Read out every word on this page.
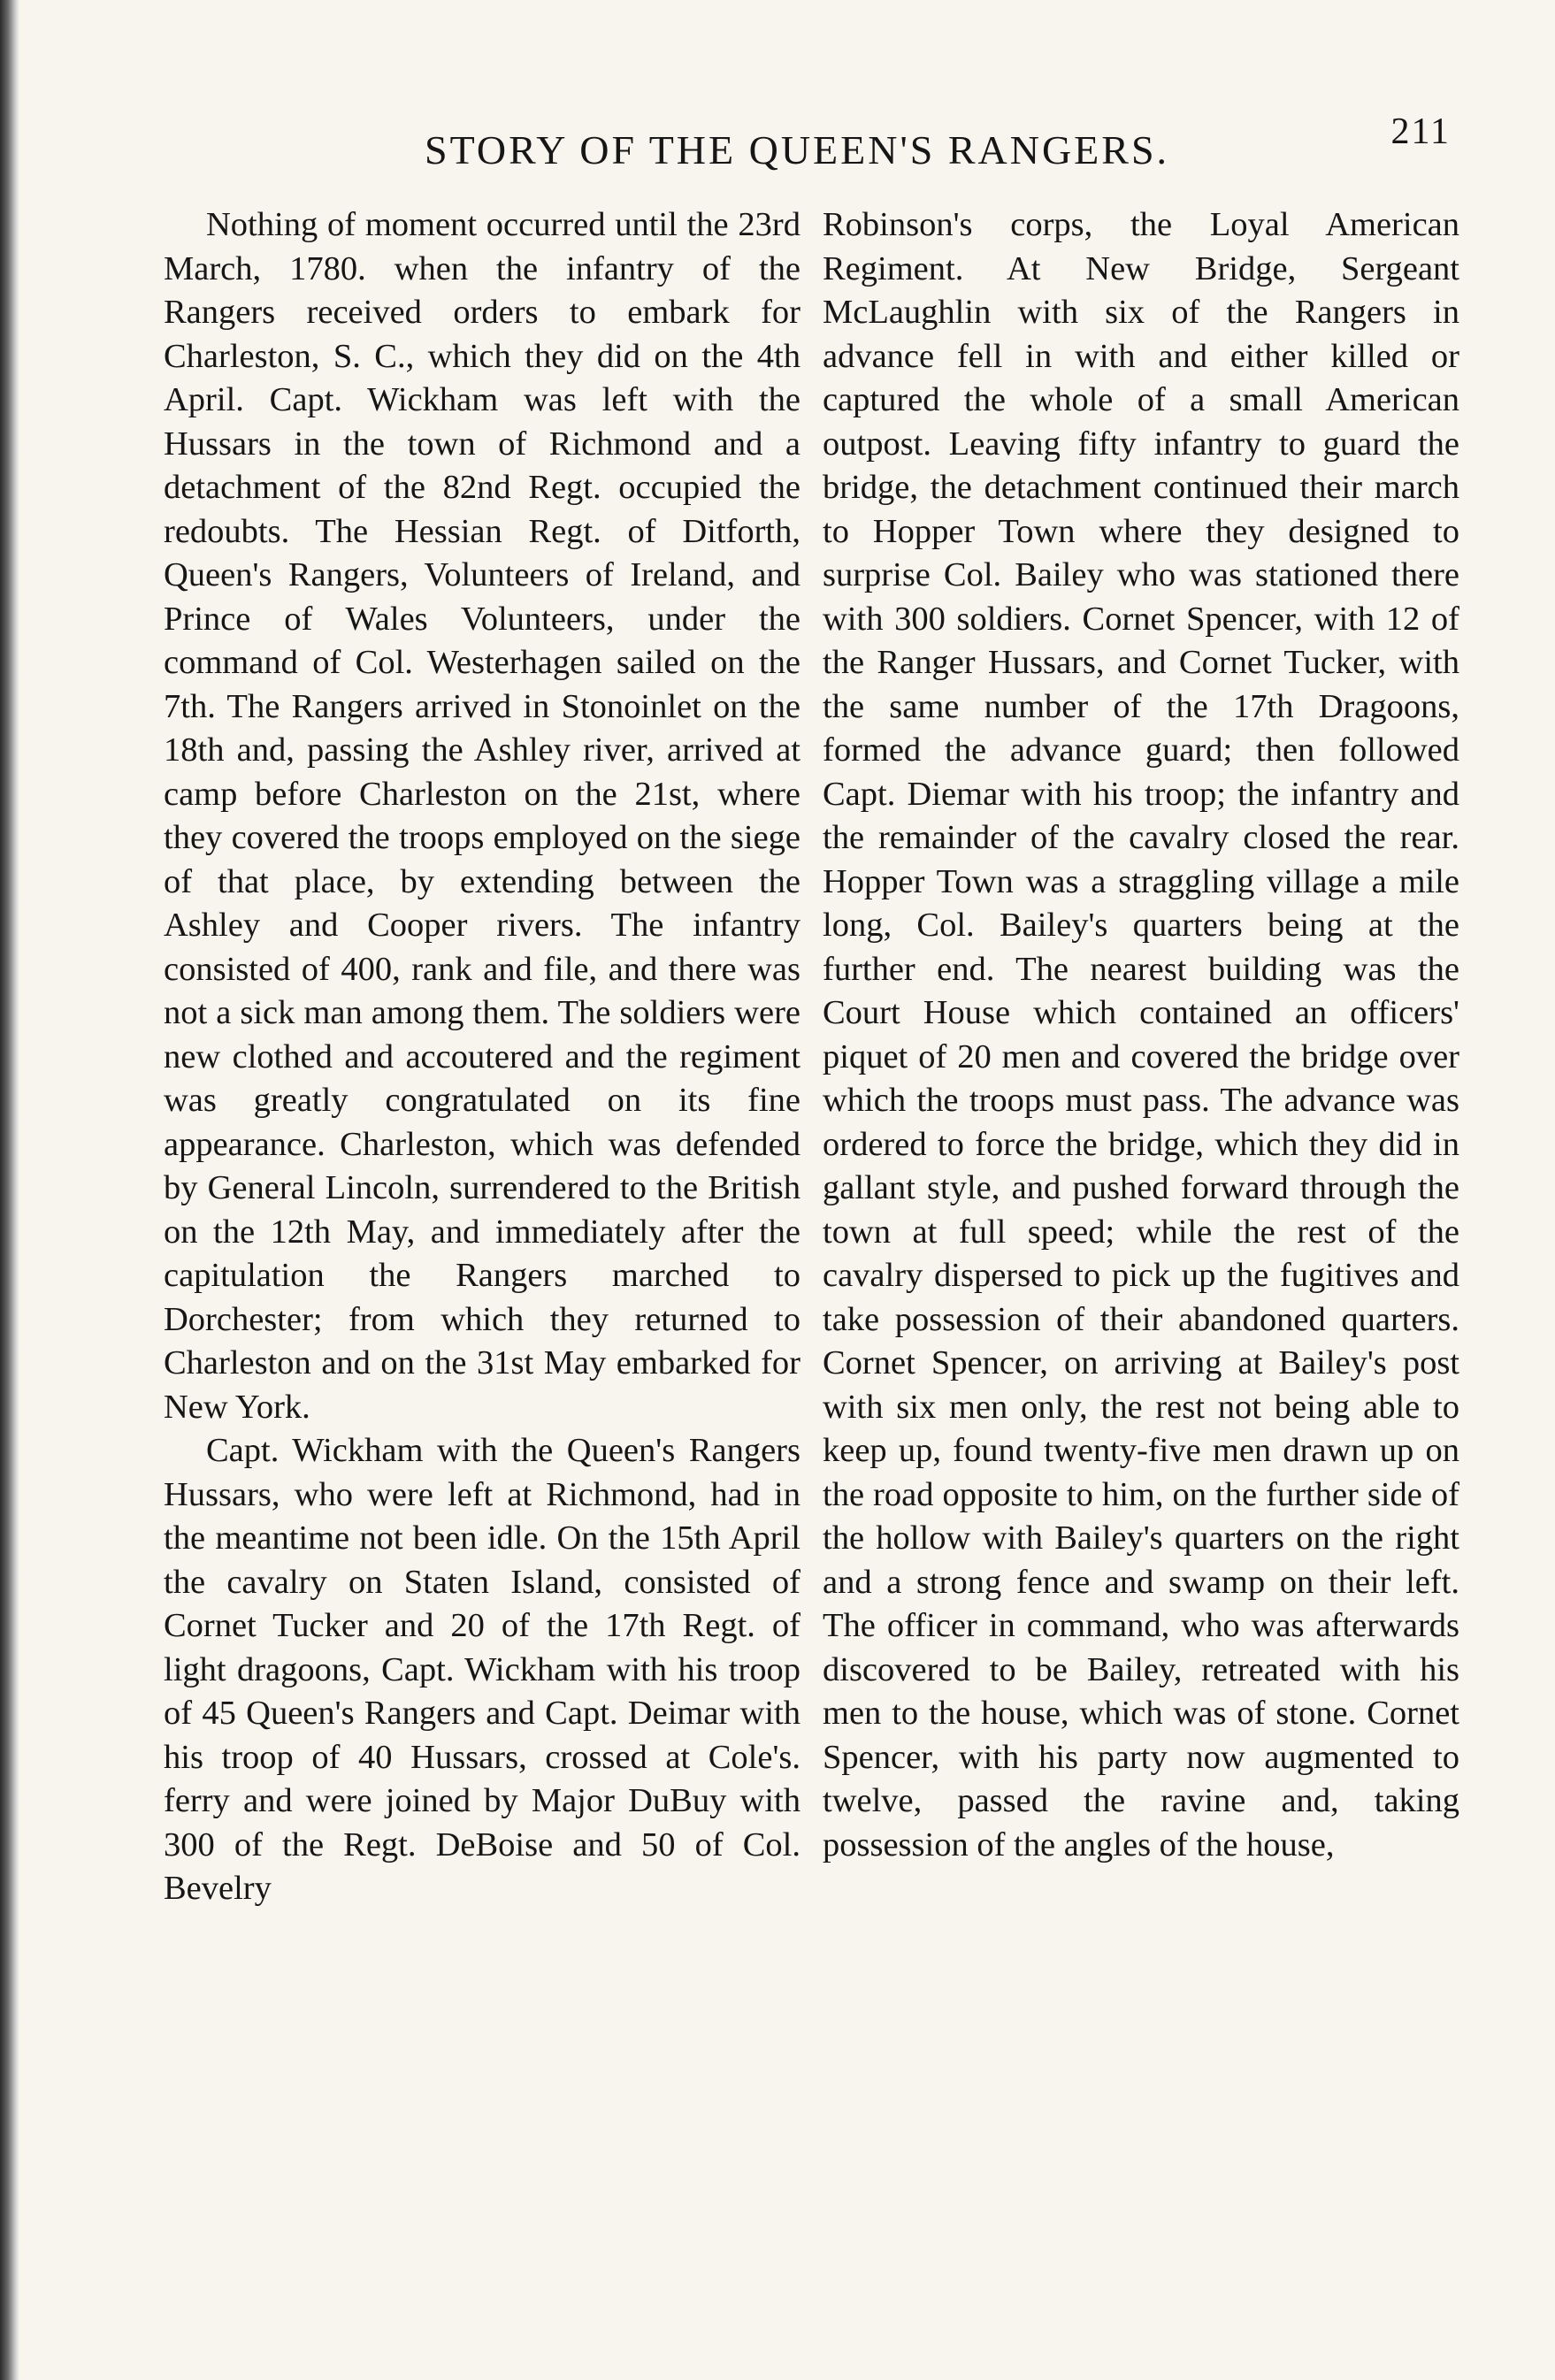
STORY OF THE QUEEN'S RANGERS.	211

Nothing of moment occurred until the 23rd March, 1780. when the infantry of the Rangers received orders to embark for Charleston, S. C., which they did on the 4th April. Capt. Wickham was left with the Hussars in the town of Richmond and a detachment of the 82nd Regt. occupied the redoubts. The Hessian Regt. of Ditforth, Queen's Rangers, Volunteers of Ireland, and Prince of Wales Volunteers, under the command of Col. Westerhagen sailed on the 7th. The Rangers arrived in Stonoinlet on the 18th and, passing the Ashley river, arrived at camp before Charleston on the 21st, where they covered the troops employed on the siege of that place, by extending between the Ashley and Cooper rivers. The infantry consisted of 400, rank and file, and there was not a sick man among them. The soldiers were new clothed and accoutered and the regiment was greatly congratulated on its fine appearance. Charleston, which was defended by General Lincoln, surrendered to the British on the 12th May, and immediately after the capitulation the Rangers marched to Dorchester; from which they returned to Charleston and on the 31st May embarked for New York.

Capt. Wickham with the Queen's Rangers Hussars, who were left at Richmond, had in the meantime not been idle. On the 15th April the cavalry on Staten Island, consisted of Cornet Tucker and 20 of the 17th Regt. of light dragoons, Capt. Wickham with his troop of 45 Queen's Rangers and Capt. Deimar with his troop of 40 Hussars, crossed at Cole's. ferry and were joined by Major DuBuy with 300 of the Regt. DeBoise and 50 of Col. Bevelry

Robinson's corps, the Loyal American Regiment. At New Bridge, Sergeant McLaughlin with six of the Rangers in advance fell in with and either killed or captured the whole of a small American outpost. Leaving fifty infantry to guard the bridge, the detachment continued their march to Hopper Town where they designed to surprise Col. Bailey who was stationed there with 300 soldiers. Cornet Spencer, with 12 of the Ranger Hussars, and Cornet Tucker, with the same number of the 17th Dragoons, formed the advance guard; then followed Capt. Diemar with his troop; the infantry and the remainder of the cavalry closed the rear. Hopper Town was a straggling village a mile long, Col. Bailey's quarters being at the further end. The nearest building was the Court House which contained an officers' piquet of 20 men and covered the bridge over which the troops must pass. The advance was ordered to force the bridge, which they did in gallant style, and pushed forward through the town at full speed; while the rest of the cavalry dispersed to pick up the fugitives and take possession of their abandoned quarters. Cornet Spencer, on arriving at Bailey's post with six men only, the rest not being able to keep up, found twenty-five men drawn up on the road opposite to him, on the further side of the hollow with Bailey's quarters on the right and a strong fence and swamp on their left. The officer in command, who was afterwards discovered to be Bailey, retreated with his men to the house, which was of stone. Cornet Spencer, with his party now augmented to twelve, passed the ravine and, taking possession of the angles of the house,
